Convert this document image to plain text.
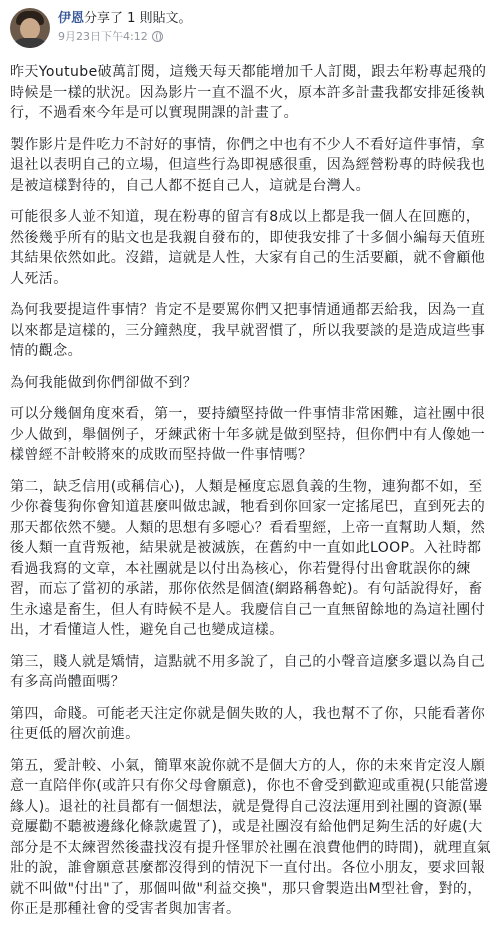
伊恩分享了 1 則貼文。
9月23日下午4:12

昨天Youtube破萬訂閱，這幾天每天都能增加千人訂閱，跟去年粉專起飛的時候是一樣的狀況。因為影片一直不溫不火，原本許多計畫我都安排延後執行，不過看來今年是可以實現開課的計畫了。

製作影片是件吃力不討好的事情，你們之中也有不少人不看好這件事情，拿退社以表明自己的立場，但這些行為即視感很重，因為經營粉專的時候我也是被這樣對待的，自己人都不挺自己人，這就是台灣人。

可能很多人並不知道，現在粉專的留言有8成以上都是我一個人在回應的，然後幾乎所有的貼文也是我親自發布的，即使我安排了十多個小編每天值班其結果依然如此。沒錯，這就是人性，大家有自己的生活要顧，就不會顧他人死活。

為何我要提這件事情？肯定不是要罵你們又把事情通通都丟給我，因為一直以來都是這樣的，三分鐘熱度，我早就習慣了，所以我要談的是造成這些事情的觀念。

為何我能做到你們卻做不到？

可以分幾個角度來看，第一，要持續堅持做一件事情非常困難，這社團中很少人做到，舉個例子，牙練武術十年多就是做到堅持，但你們中有人像她一樣曾經不計較將來的成敗而堅持做一件事情嗎？

第二，缺乏信用(或稱信心)，人類是極度忘恩負義的生物，連狗都不如，至少你養隻狗你會知道甚麼叫做忠誠，牠看到你回家一定搖尾巴，直到死去的那天都依然不變。人類的思想有多噁心？看看聖經，上帝一直幫助人類，然後人類一直背叛祂，結果就是被滅族，在舊約中一直如此LOOP。入社時都看過我寫的文章，本社團就是以付出為核心，你若覺得付出會耽誤你的練習，而忘了當初的承諾，那你依然是個渣(網路稱魯蛇)。有句話說得好，畜生永遠是畜生，但人有時候不是人。我慶信自己一直無留餘地的為這社團付出，才看懂這人性，避免自己也變成這樣。

第三，賤人就是矯情，這點就不用多說了，自己的小聲音這麼多還以為自己有多高尚體面嗎？

第四，命賤。可能老天注定你就是個失敗的人，我也幫不了你，只能看著你往更低的層次前進。

第五，愛計較、小氣，簡單來說你就不是個大方的人，你的未來肯定沒人願意一直陪伴你(或許只有你父母會願意)，你也不會受到歡迎或重視(只能當邊緣人)。退社的社員都有一個想法，就是覺得自己沒法運用到社團的資源(畢竟屢勸不聽被邊緣化條款處置了)，或是社團沒有給他們足夠生活的好處(大部分是不太練習然後盡找沒有提升怪罪於社團在浪費他們的時間)，就理直氣壯的說，誰會願意甚麼都沒得到的情況下一直付出。各位小朋友，要求回報就不叫做"付出"了，那個叫做"利益交換"，那只會製造出M型社會，對的，你正是那種社會的受害者與加害者。
